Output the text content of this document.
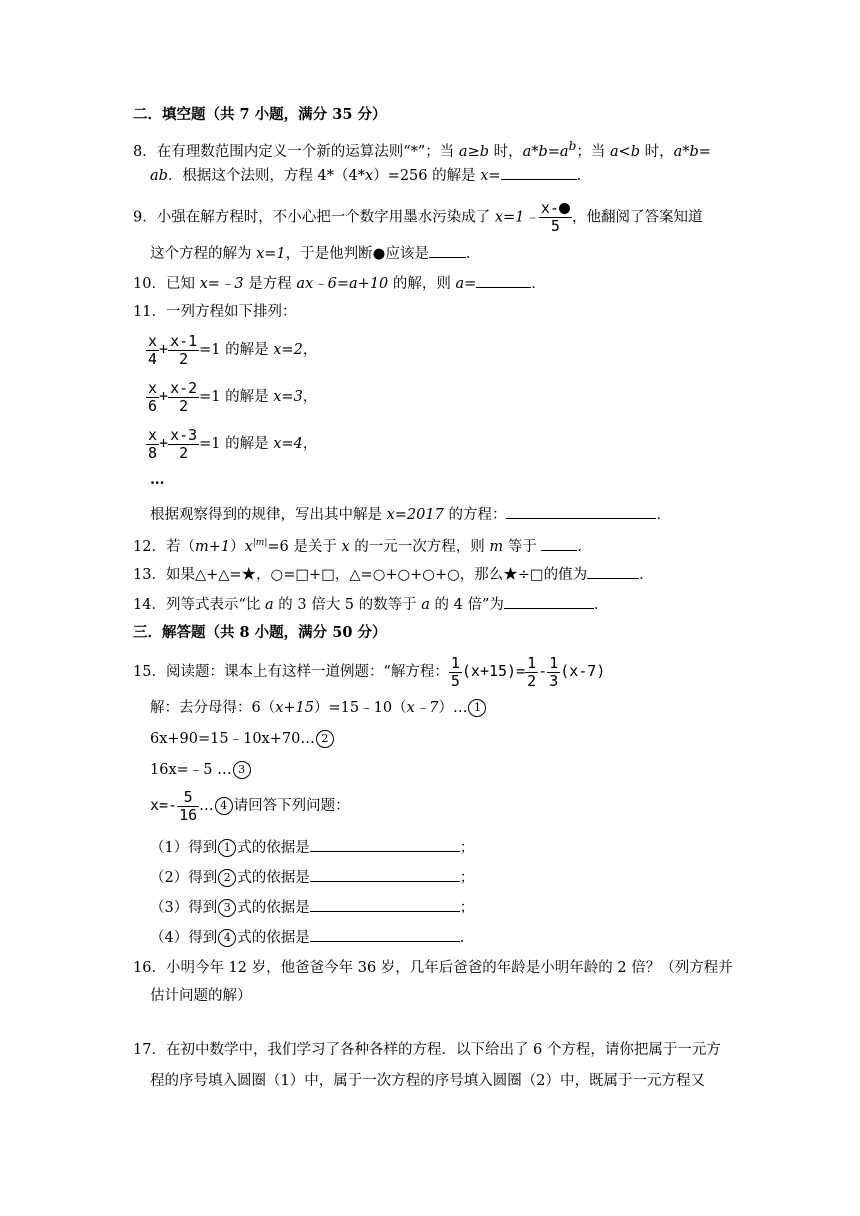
二．填空题（共 7 小题，满分 35 分）
8．在有理数范围内定义一个新的运算法则“*”；当 a≥b 时，$a*b=a^b$；当 a<b 时，a*b=
ab．根据这个法则，方程 4*（4*x）=256 的解是 x=	．
9．小强在解方程时，不小心把一个数字用墨水污染成了 x=1﹣ $\frac{x-}{5}$ ，他翻阅了答案知道
这个方程的解为 x=1，于是他判断●应该是	．
10．已知 x=﹣3 是方程 ax﹣6=a+10 的解，则 a=	．
11．一列方程如下排列：
$\frac{x}{4} + \frac{x-1}{2} =1$ 的解是 x=2，
$\frac{x}{6} + \frac{x-2}{2} =1$ 的解是 x=3，
$\frac{x}{8} + \frac{x-3}{2} =1$ 的解是 x=4，
…
根据观察得到的规律，写出其中解是 x=2017 的方程：	．
12．若$(m+1)x^{|m|}=6$ 是关于 x 的一元一次方程，则 m 等于 ．
13．如果△+△=★，○=□+□，△=○+○+○+○，那么★÷□的值为	．
14．列等式表示“比 a 的 3 倍大 5 的数等于 a 的 4 倍”为	．
三．解答题（共 8 小题，满分 50 分）
15．阅读题：课本上有这样一道例题：“解方程： $\frac{1}{5} (x+15)= \frac{1}{2} - \frac{1}{3} (x-7)$
解：去分母得：6（x+15）=15﹣10（x﹣7）… 1
6x+90=15﹣10x+70… 2
16x=﹣5 … 3
$x=- \frac{5}{16}$ … 4 请回答下列问题：
（1）得到 1 式的依据是	；
（2）得到 2 式的依据是	；
（3）得到 3 式的依据是	；
（4）得到 4 式的依据是	．
16．小明今年 12 岁，他爸爸今年 36 岁，几年后爸爸的年龄是小明年龄的 2 倍？（列方程并
估计问题的解）
17．在初中数学中，我们学习了各种各样的方程．以下给出了 6 个方程，请你把属于一元方
程的序号填入圆圈（1）中，属于一次方程的序号填入圆圈（2）中，既属于一元方程又
